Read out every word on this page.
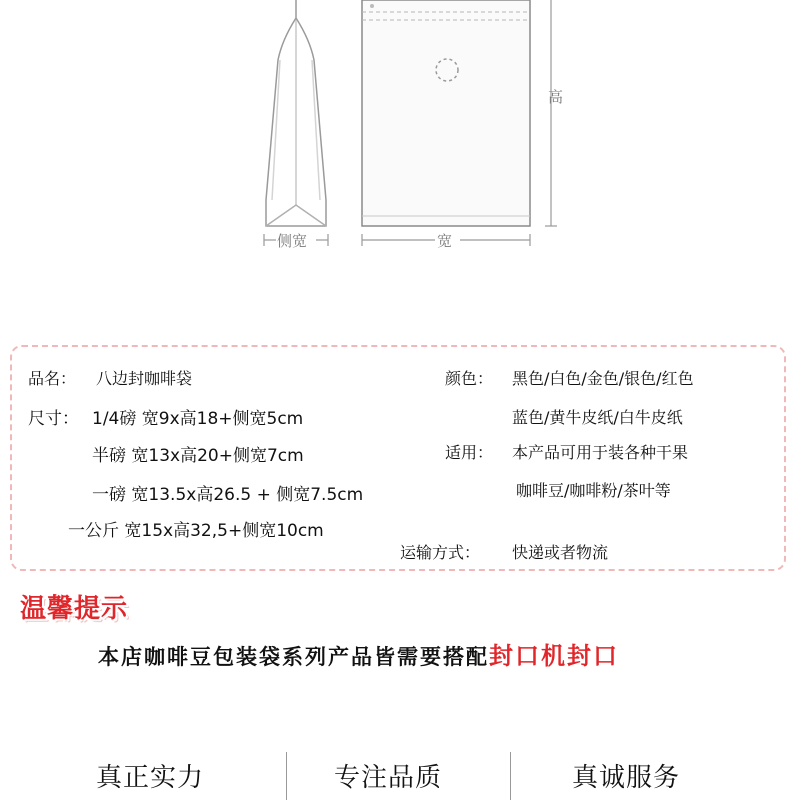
高
宽
侧宽
品名： 八边封咖啡袋
尺寸： 1/4磅 宽9x高18+侧宽5cm
半磅 宽13x高20+侧宽7cm
一磅 宽13.5x高26.5 + 侧宽7.5cm
一公斤 宽15x高32,5+侧宽10cm
颜色： 黑色/白色/金色/银色/红色
蓝色/黄牛皮纸/白牛皮纸
适用： 本产品可用于装各种干果
咖啡豆/咖啡粉/茶叶等
运输方式： 快递或者物流
温馨提示
本店咖啡豆包装袋系列产品皆需要搭配封口机封口
真正实力	专注品质	真诚服务
